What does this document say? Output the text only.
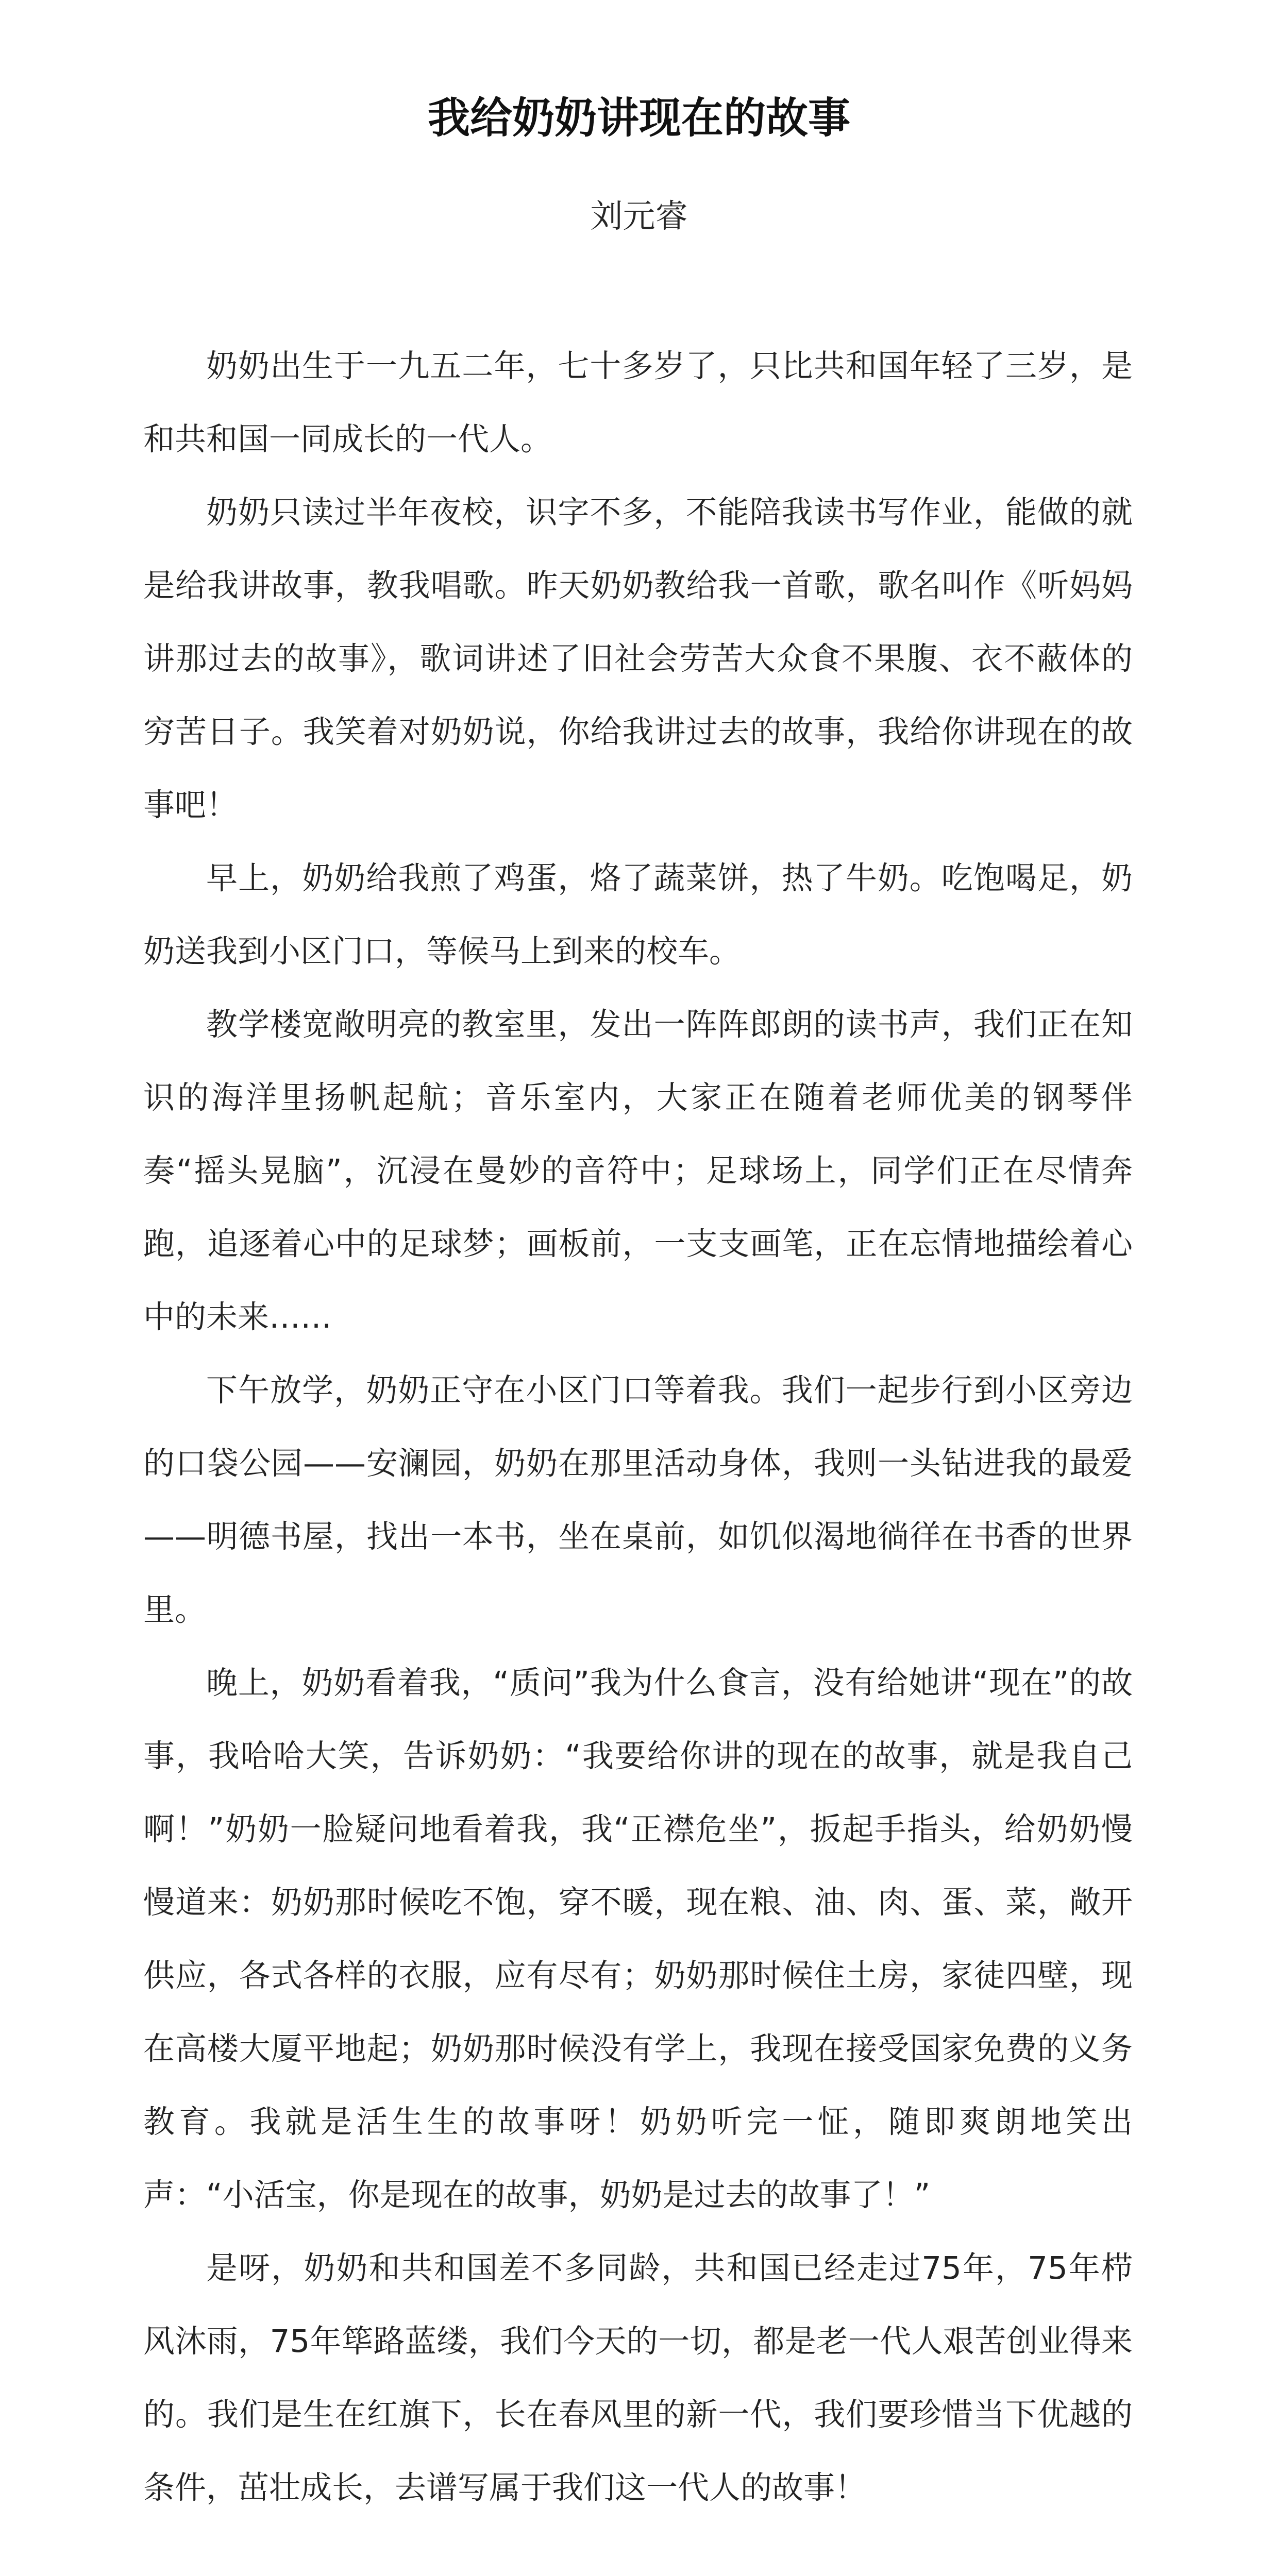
我给奶奶讲现在的故事
刘元睿

奶奶出生于一九五二年，七十多岁了，只比共和国年轻了三岁，是和共和国一同成长的一代人。

奶奶只读过半年夜校，识字不多，不能陪我读书写作业，能做的就是给我讲故事，教我唱歌。昨天奶奶教给我一首歌，歌名叫作《听妈妈讲那过去的故事》，歌词讲述了旧社会劳苦大众食不果腹、衣不蔽体的穷苦日子。我笑着对奶奶说，你给我讲过去的故事，我给你讲现在的故事吧！

早上，奶奶给我煎了鸡蛋，烙了蔬菜饼，热了牛奶。吃饱喝足，奶奶送我到小区门口，等候马上到来的校车。

教学楼宽敞明亮的教室里，发出一阵阵郎朗的读书声，我们正在知识的海洋里扬帆起航；音乐室内，大家正在随着老师优美的钢琴伴奏“摇头晃脑”，沉浸在曼妙的音符中；足球场上，同学们正在尽情奔跑，追逐着心中的足球梦；画板前，一支支画笔，正在忘情地描绘着心中的未来……

下午放学，奶奶正守在小区门口等着我。我们一起步行到小区旁边的口袋公园——安澜园，奶奶在那里活动身体，我则一头钻进我的最爱——明德书屋，找出一本书，坐在桌前，如饥似渴地徜徉在书香的世界里。

晚上，奶奶看着我，“质问”我为什么食言，没有给她讲“现在”的故事，我哈哈大笑，告诉奶奶：“我要给你讲的现在的故事，就是我自己啊！”奶奶一脸疑问地看着我，我“正襟危坐”，扳起手指头，给奶奶慢慢道来：奶奶那时候吃不饱，穿不暖，现在粮、油、肉、蛋、菜，敞开供应，各式各样的衣服，应有尽有；奶奶那时候住土房，家徒四壁，现在高楼大厦平地起；奶奶那时候没有学上，我现在接受国家免费的义务教育。我就是活生生的故事呀！奶奶听完一怔，随即爽朗地笑出声：“小活宝，你是现在的故事，奶奶是过去的故事了！”

是呀，奶奶和共和国差不多同龄，共和国已经走过75年，75年栉风沐雨，75年筚路蓝缕，我们今天的一切，都是老一代人艰苦创业得来的。我们是生在红旗下，长在春风里的新一代，我们要珍惜当下优越的条件，茁壮成长，去谱写属于我们这一代人的故事！
